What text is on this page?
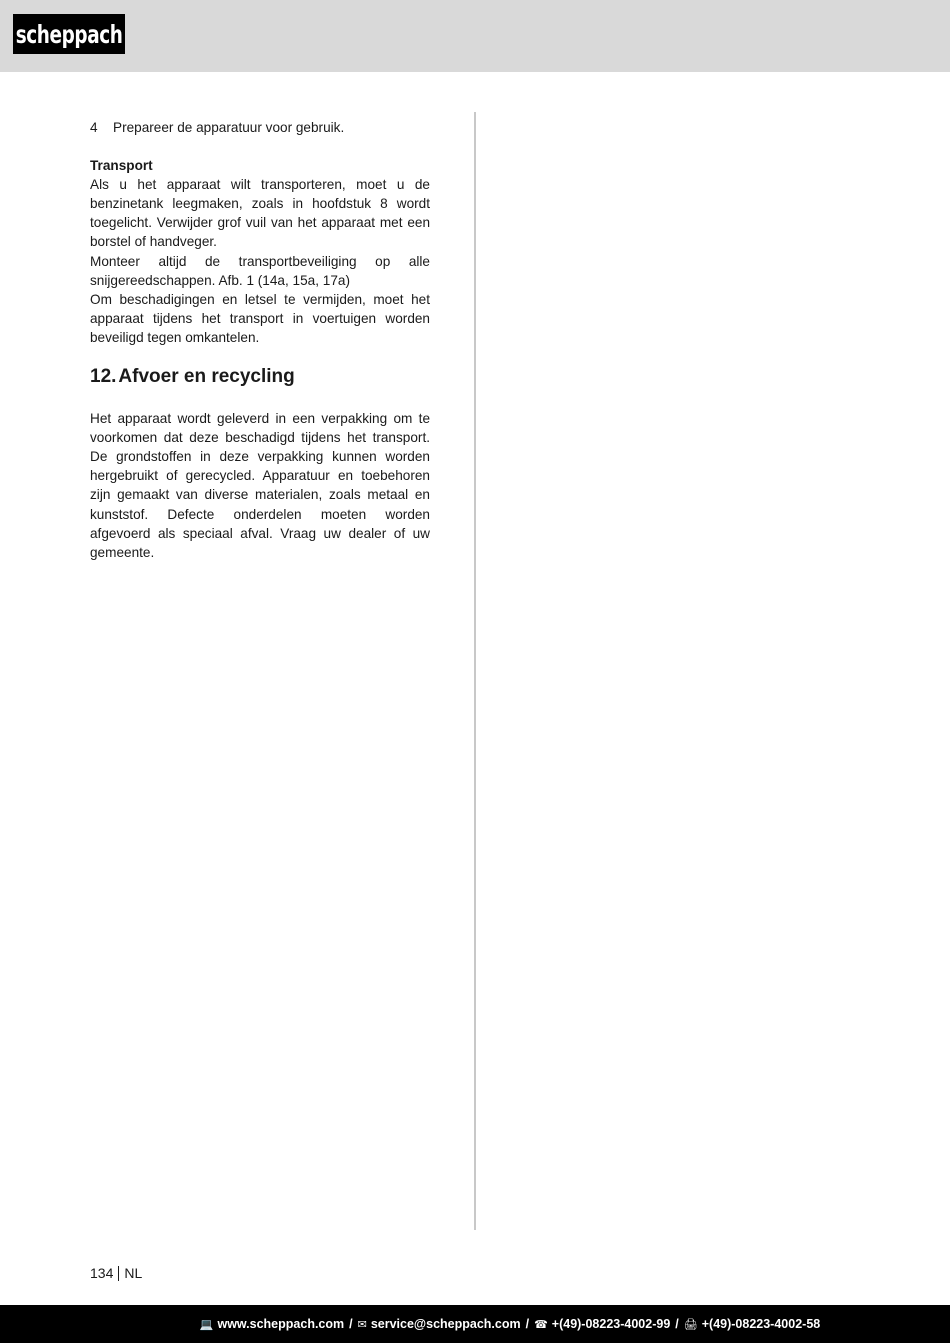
scheppach
4	Prepareer de apparatuur voor gebruik.

Transport

Als u het apparaat wilt transporteren, moet u de benzinetank leegmaken, zoals in hoofdstuk 8 wordt toegelicht. Verwijder grof vuil van het apparaat met een borstel of handveger.

Monteer altijd de transportbeveiliging op alle snijgereedschappen. Afb. 1 (14a, 15a, 17a)

Om beschadigingen en letsel te vermijden, moet het apparaat tijdens het transport in voertuigen worden beveiligd tegen omkantelen.

12. Afvoer en recycling

Het apparaat wordt geleverd in een verpakking om te voorkomen dat deze beschadigd tijdens het transport. De grondstoffen in deze verpakking kunnen worden hergebruikt of gerecycled. Apparatuur en toebehoren zijn gemaakt van diverse materialen, zoals metaal en kunststof. Defecte onderdelen moeten worden afgevoerd als speciaal afval. Vraag uw dealer of uw gemeente.

134 NL
💻 www.scheppach.com / ✉ service@scheppach.com / ☎ +(49)-08223-4002-99 / 🖨 +(49)-08223-4002-58
